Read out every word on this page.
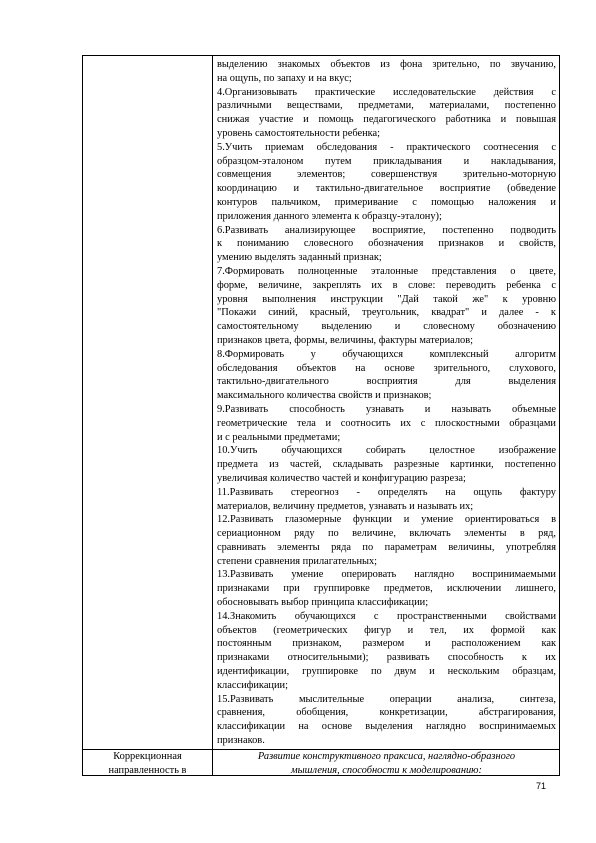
выделению знакомых объектов из фона зрительно, по звучанию,
на ощупь, по запаху и на вкус;
4.Организовывать практические исследовательские действия с
различными веществами, предметами, материалами, постепенно
снижая участие и помощь педагогического работника и повышая
уровень самостоятельности ребенка;
5.Учить приемам обследования - практического соотнесения с
образцом-эталоном путем прикладывания и накладывания,
совмещения элементов; совершенствуя зрительно-моторную
координацию и тактильно-двигательное восприятие (обведение
контуров пальчиком, примеривание с помощью наложения и
приложения данного элемента к образцу-эталону);
6.Развивать анализирующее восприятие, постепенно подводить
к пониманию словесного обозначения признаков и свойств,
умению выделять заданный признак;
7.Формировать полноценные эталонные представления о цвете,
форме, величине, закреплять их в слове: переводить ребенка с
уровня выполнения инструкции "Дай такой же" к уровню
"Покажи синий, красный, треугольник, квадрат" и далее - к
самостоятельному выделению и словесному обозначению
признаков цвета, формы, величины, фактуры материалов;
8.Формировать у обучающихся комплексный алгоритм
обследования объектов на основе зрительного, слухового,
тактильно-двигательного восприятия для выделения
максимального количества свойств и признаков;
9.Развивать способность узнавать и называть объемные
геометрические тела и соотносить их с плоскостными образцами
и с реальными предметами;
10.Учить обучающихся собирать целостное изображение
предмета из частей, складывать разрезные картинки, постепенно
увеличивая количество частей и конфигурацию разреза;
11.Развивать стереогноз - определять на ощупь фактуру
материалов, величину предметов, узнавать и называть их;
12.Развивать глазомерные функции и умение ориентироваться в
сериационном ряду по величине, включать элементы в ряд,
сравнивать элементы ряда по параметрам величины, употребляя
степени сравнения прилагательных;
13.Развивать умение оперировать наглядно воспринимаемыми
признаками при группировке предметов, исключении лишнего,
обосновывать выбор принципа классификации;
14.Знакомить обучающихся с пространственными свойствами
объектов (геометрических фигур и тел, их формой как
постоянным признаком, размером и расположением как
признаками относительными); развивать способность к их
идентификации, группировке по двум и нескольким образцам,
классификации;
15.Развивать мыслительные операции анализа, синтеза,
сравнения, обобщения, конкретизации, абстрагирования,
классификации на основе выделения наглядно воспринимаемых
признаков.
Коррекционная
направленность в
Развитие конструктивного праксиса, наглядно-образного
мышления, способности к моделированию:
71
